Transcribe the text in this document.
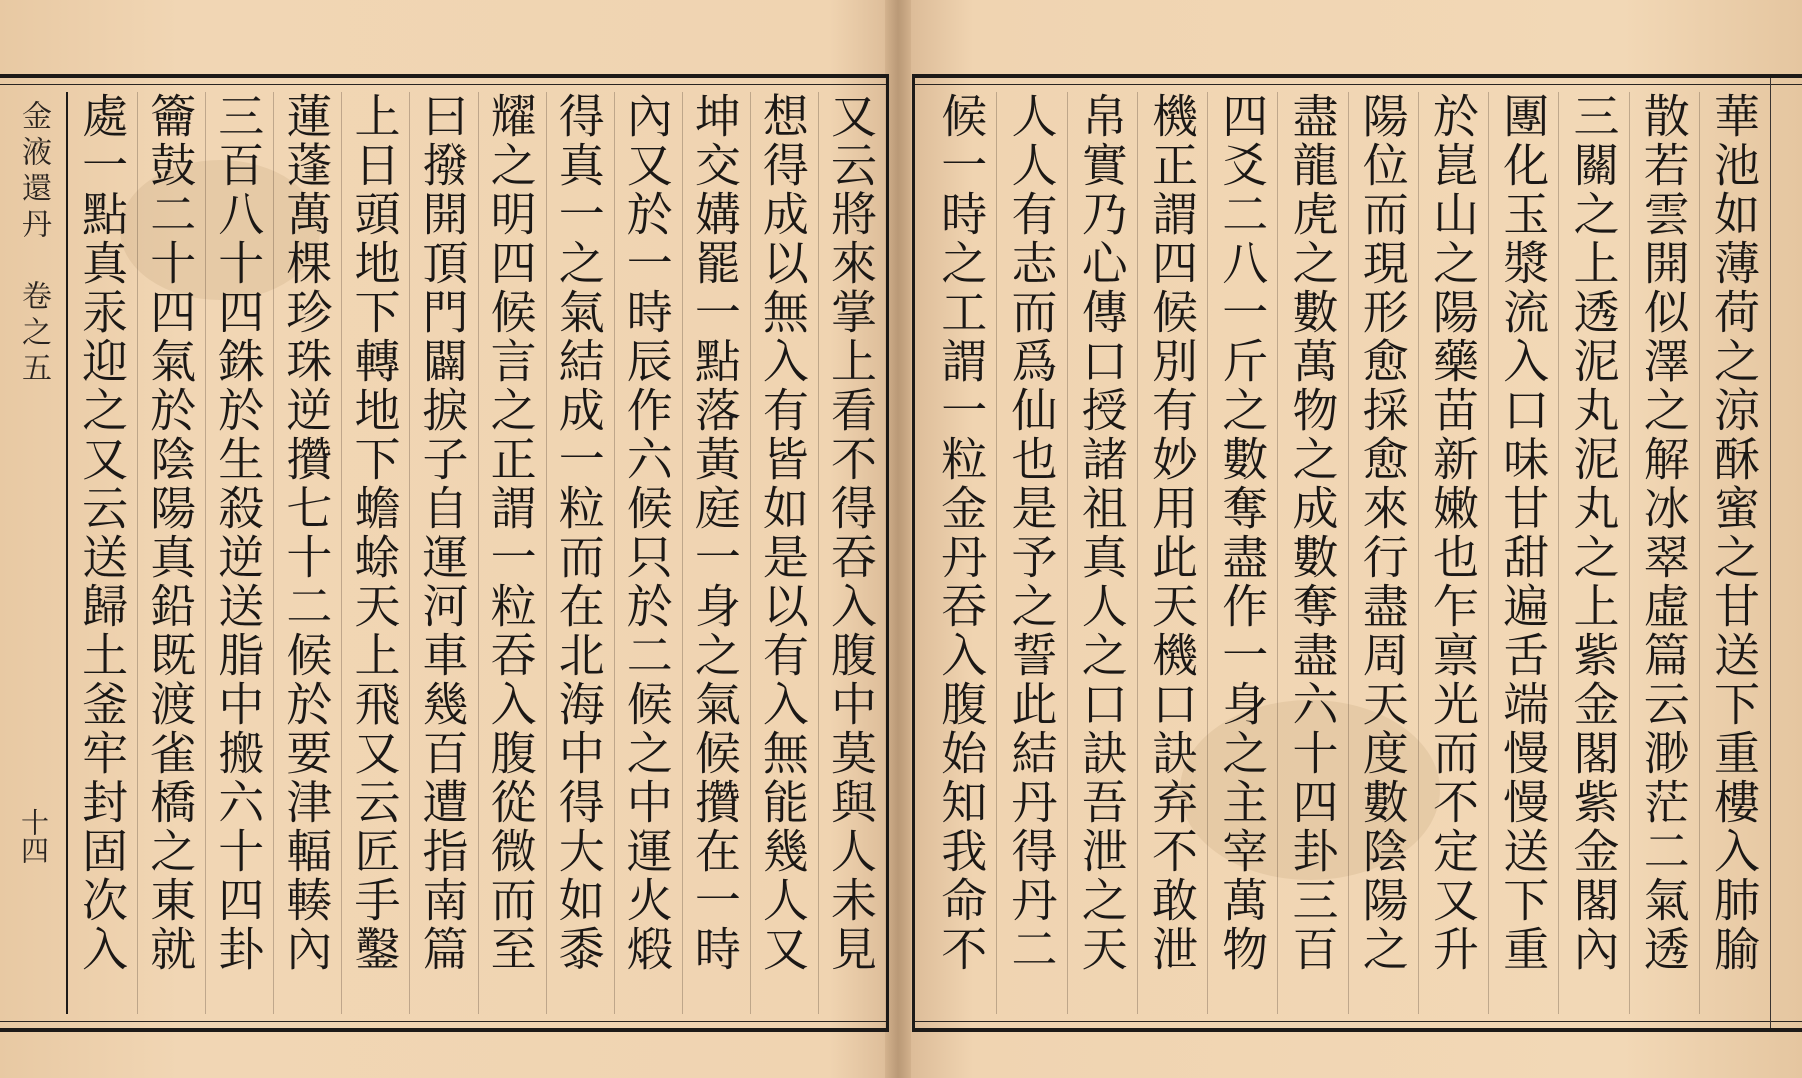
金液還丹　卷之五
十四
又云將來掌上看不得吞入腹中莫與人未見
想得成以無入有皆如是以有入無能幾人又
坤交媾罷一點落黃庭一身之氣候攢在一時
內又於一時辰作六候只於二候之中運火煅
得真一之氣結成一粒而在北海中得大如黍
耀之明四候言之正謂一粒吞入腹從微而至
曰撥開頂門闢捩子自運河車幾百遭指南篇
上日頭地下轉地下蟾蜍天上飛又云匠手鑿
蓮蓬萬棵珍珠逆攢七十二候於要津輻輳內
三百八十四銖於生殺逆送脂中搬六十四卦
籥鼓二十四氣於陰陽真鉛既渡雀橋之東就
處一點真汞迎之又云送歸土釜牢封固次入
華池如薄荷之涼酥蜜之甘送下重樓入肺腧
散若雲開似澤之解冰翠虛篇云渺茫二氣透
三關之上透泥丸泥丸之上紫金閣紫金閣內
團化玉漿流入口味甘甜遍舌端慢慢送下重
於崑山之陽藥苗新嫩也乍禀光而不定又升
陽位而現形愈採愈來行盡周天度數陰陽之
盡龍虎之數萬物之成數奪盡六十四卦三百
四爻二八一斤之數奪盡作一身之主宰萬物
機正謂四候別有妙用此天機口訣弃不敢泄
帛實乃心傳口授諸祖真人之口訣吾泄之天
人人有志而爲仙也是予之誓此結丹得丹二
候一時之工謂一粒金丹吞入腹始知我命不
